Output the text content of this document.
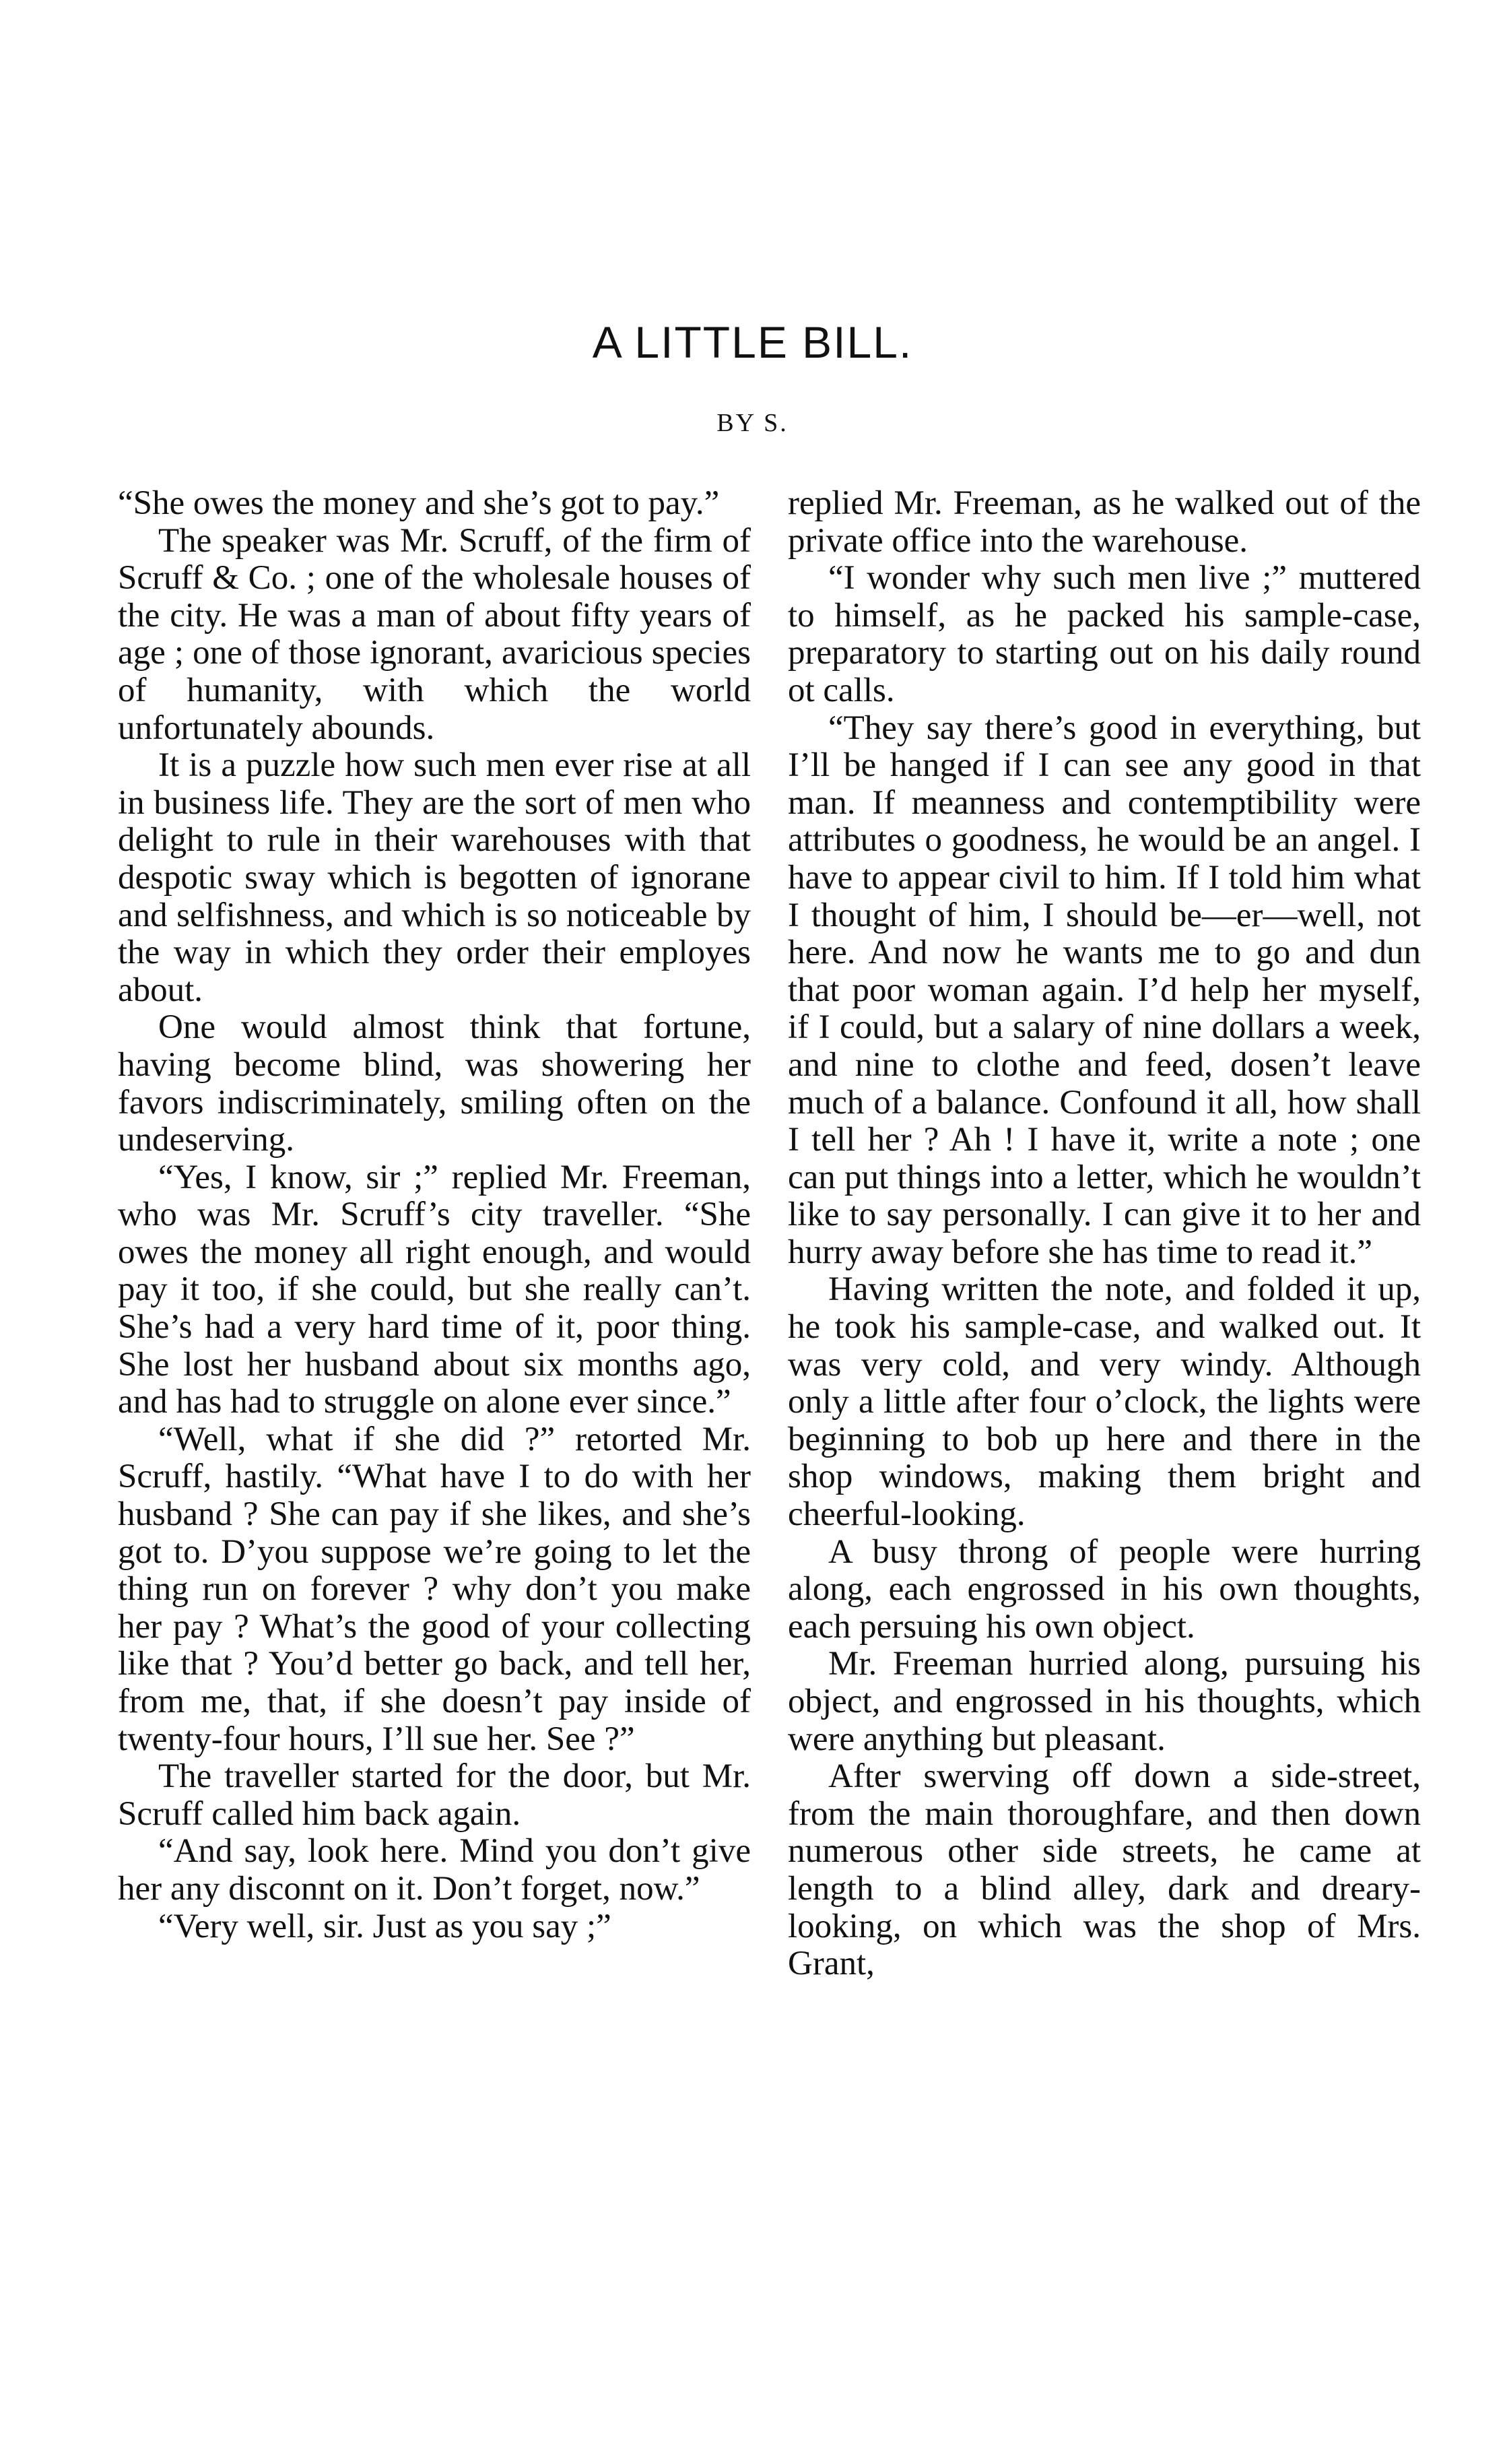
A LITTLE BILL.
BY S.

“She owes the money and she’s got to pay.”

The speaker was Mr. Scruff, of the firm of Scruff & Co. ; one of the wholesale houses of the city. He was a man of about fifty years of age ; one of those ignorant, avaricious species of humanity, with which the world unfortunately abounds.

It is a puzzle how such men ever rise at all in business life. They are the sort of men who delight to rule in their warehouses with that despotic sway which is begotten of ignorane and selfishness, and which is so noticeable by the way in which they order their employes about.

One would almost think that fortune, having become blind, was showering her favors indiscriminately, smiling often on the undeserving.

“Yes, I know, sir ;” replied Mr. Freeman, who was Mr. Scruff’s city traveller. “She owes the money all right enough, and would pay it too, if she could, but she really can’t. She’s had a very hard time of it, poor thing. She lost her husband about six months ago, and has had to struggle on alone ever since.”

“Well, what if she did ?” retorted Mr. Scruff, hastily. “What have I to do with her husband ? She can pay if she likes, and she’s got to. D’you suppose we’re going to let the thing run on forever ? why don’t you make her pay ? What’s the good of your collecting like that ? You’d better go back, and tell her, from me, that, if she doesn’t pay inside of twenty-four hours, I’ll sue her. See ?”

The traveller started for the door, but Mr. Scruff called him back again.

“And say, look here. Mind you don’t give her any disconnt on it. Don’t forget, now.”

“Very well, sir. Just as you say ;”

replied Mr. Freeman, as he walked out of the private office into the warehouse.

“I wonder why such men live ;” muttered to himself, as he packed his sample-case, preparatory to starting out on his daily round ot calls.

“They say there’s good in everything, but I’ll be hanged if I can see any good in that man. If meanness and contemptibility were attributes o goodness, he would be an angel. I have to appear civil to him. If I told him what I thought of him, I should be—er—well, not here. And now he wants me to go and dun that poor woman again. I’d help her myself, if I could, but a salary of nine dollars a week, and nine to clothe and feed, dosen’t leave much of a balance. Confound it all, how shall I tell her ? Ah ! I have it, write a note ; one can put things into a letter, which he wouldn’t like to say personally. I can give it to her and hurry away before she has time to read it.”

Having written the note, and folded it up, he took his sample-case, and walked out. It was very cold, and very windy. Although only a little after four o’clock, the lights were beginning to bob up here and there in the shop windows, making them bright and cheerful-looking.

A busy throng of people were hurring along, each engrossed in his own thoughts, each persuing his own object.

Mr. Freeman hurried along, pursuing his object, and engrossed in his thoughts, which were anything but pleasant.

After swerving off down a side-street, from the main thoroughfare, and then down numerous other side streets, he came at length to a blind alley, dark and dreary-looking, on which was the shop of Mrs. Grant,
